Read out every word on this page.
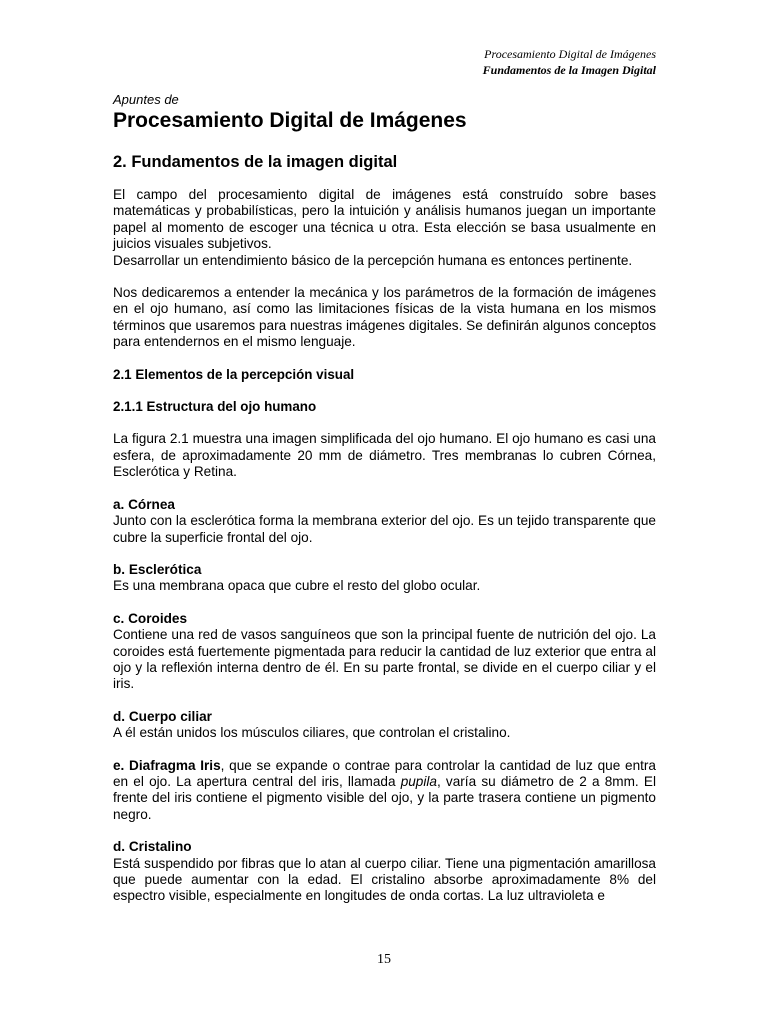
Procesamiento Digital de Imágenes
Fundamentos de la Imagen Digital
Apuntes de
Procesamiento Digital de Imágenes
2. Fundamentos de la imagen digital

El campo del procesamiento digital de imágenes está construído sobre bases matemáticas y probabilísticas, pero la intuición y análisis humanos juegan un importante papel al momento de escoger una técnica u otra. Esta elección se basa usualmente en juicios visuales subjetivos.

Desarrollar un entendimiento básico de la percepción humana es entonces pertinente.

Nos dedicaremos a entender la mecánica y los parámetros de la formación de imágenes en el ojo humano, así como las limitaciones físicas de la vista humana en los mismos términos que usaremos para nuestras imágenes digitales. Se definirán algunos conceptos para entendernos en el mismo lenguaje.

2.1 Elementos de la percepción visual
2.1.1 Estructura del ojo humano

La figura 2.1 muestra una imagen simplificada del ojo humano. El ojo humano es casi una esfera, de aproximadamente 20 mm de diámetro. Tres membranas lo cubren Córnea, Esclerótica y Retina.

a. Córnea
Junto con la esclerótica forma la membrana exterior del ojo. Es un tejido transparente que cubre la superficie frontal del ojo.

b. Esclerótica
Es una membrana opaca que cubre el resto del globo ocular.

c. Coroides
Contiene una red de vasos sanguíneos que son la principal fuente de nutrición del ojo. La coroides está fuertemente pigmentada para reducir la cantidad de luz exterior que entra al ojo y la reflexión interna dentro de él. En su parte frontal, se divide en el cuerpo ciliar y el iris.

d. Cuerpo ciliar
A él están unidos los músculos ciliares, que controlan el cristalino.

e. Diafragma Iris, que se expande o contrae para controlar la cantidad de luz que entra en el ojo. La apertura central del iris, llamada pupila, varía su diámetro de 2 a 8mm. El frente del iris contiene el pigmento visible del ojo, y la parte trasera contiene un pigmento negro.

d. Cristalino
Está suspendido por fibras que lo atan al cuerpo ciliar. Tiene una pigmentación amarillosa que puede aumentar con la edad. El cristalino absorbe aproximadamente 8% del espectro visible, especialmente en longitudes de onda cortas. La luz ultravioleta e

15
